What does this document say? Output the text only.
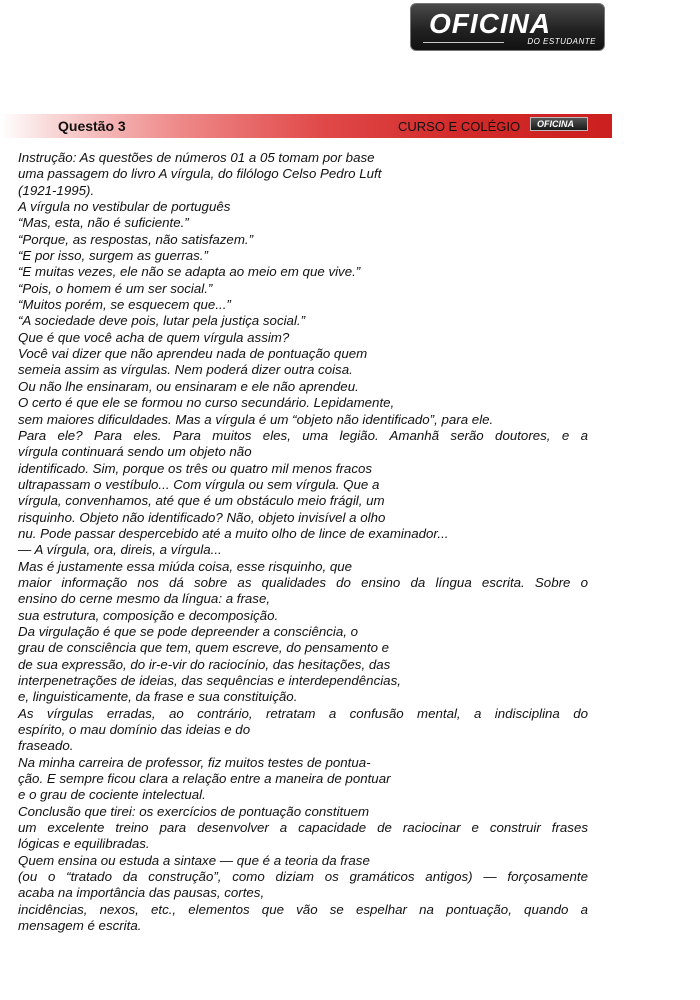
OFICINA
DO ESTUDANTE
Questão 3	CURSO E COLÉGIO OFICINA

Instrução: As questões de números 01 a 05 tomam por base

uma passagem do livro A vírgula, do filólogo Celso Pedro Luft

(1921-1995).

A vírgula no vestibular de português

“Mas, esta, não é suficiente.”

“Porque, as respostas, não satisfazem.”

“E por isso, surgem as guerras.”

“E muitas vezes, ele não se adapta ao meio em que vive.”

“Pois, o homem é um ser social.”

“Muitos porém, se esquecem que...”

“A sociedade deve pois, lutar pela justiça social.”

Que é que você acha de quem vírgula assim?

Você vai dizer que não aprendeu nada de pontuação quem

semeia assim as vírgulas. Nem poderá dizer outra coisa.

Ou não lhe ensinaram, ou ensinaram e ele não aprendeu.

O certo é que ele se formou no curso secundário. Lepidamente,

sem maiores dificuldades. Mas a vírgula é um “objeto não identificado”, para ele.

Para ele? Para eles. Para muitos eles, uma legião. Amanhã serão doutores, e a

vírgula continuará sendo um objeto não

identificado. Sim, porque os três ou quatro mil menos fracos

ultrapassam o vestíbulo... Com vírgula ou sem vírgula. Que a

vírgula, convenhamos, até que é um obstáculo meio frágil, um

risquinho. Objeto não identificado? Não, objeto invisível a olho

nu. Pode passar despercebido até a muito olho de lince de examinador...

— A vírgula, ora, direis, a vírgula...

Mas é justamente essa miúda coisa, esse risquinho, que

maior informação nos dá sobre as qualidades do ensino da língua escrita. Sobre o

ensino do cerne mesmo da língua: a frase,

sua estrutura, composição e decomposição.

Da virgulação é que se pode depreender a consciência, o

grau de consciência que tem, quem escreve, do pensamento e

de sua expressão, do ir-e-vir do raciocínio, das hesitações, das

interpenetrações de ideias, das sequências e interdependências,

e, linguisticamente, da frase e sua constituição.

As vírgulas erradas, ao contrário, retratam a confusão mental, a indisciplina do

espírito, o mau domínio das ideias e do

fraseado.

Na minha carreira de professor, fiz muitos testes de pontua-

ção. E sempre ficou clara a relação entre a maneira de pontuar

e o grau de cociente intelectual.

Conclusão que tirei: os exercícios de pontuação constituem

um excelente treino para desenvolver a capacidade de raciocinar e construir frases

lógicas e equilibradas.

Quem ensina ou estuda a sintaxe — que é a teoria da frase

(ou o “tratado da construção”, como diziam os gramáticos antigos) — forçosamente

acaba na importância das pausas, cortes,

incidências, nexos, etc., elementos que vão se espelhar na pontuação, quando a

mensagem é escrita.
